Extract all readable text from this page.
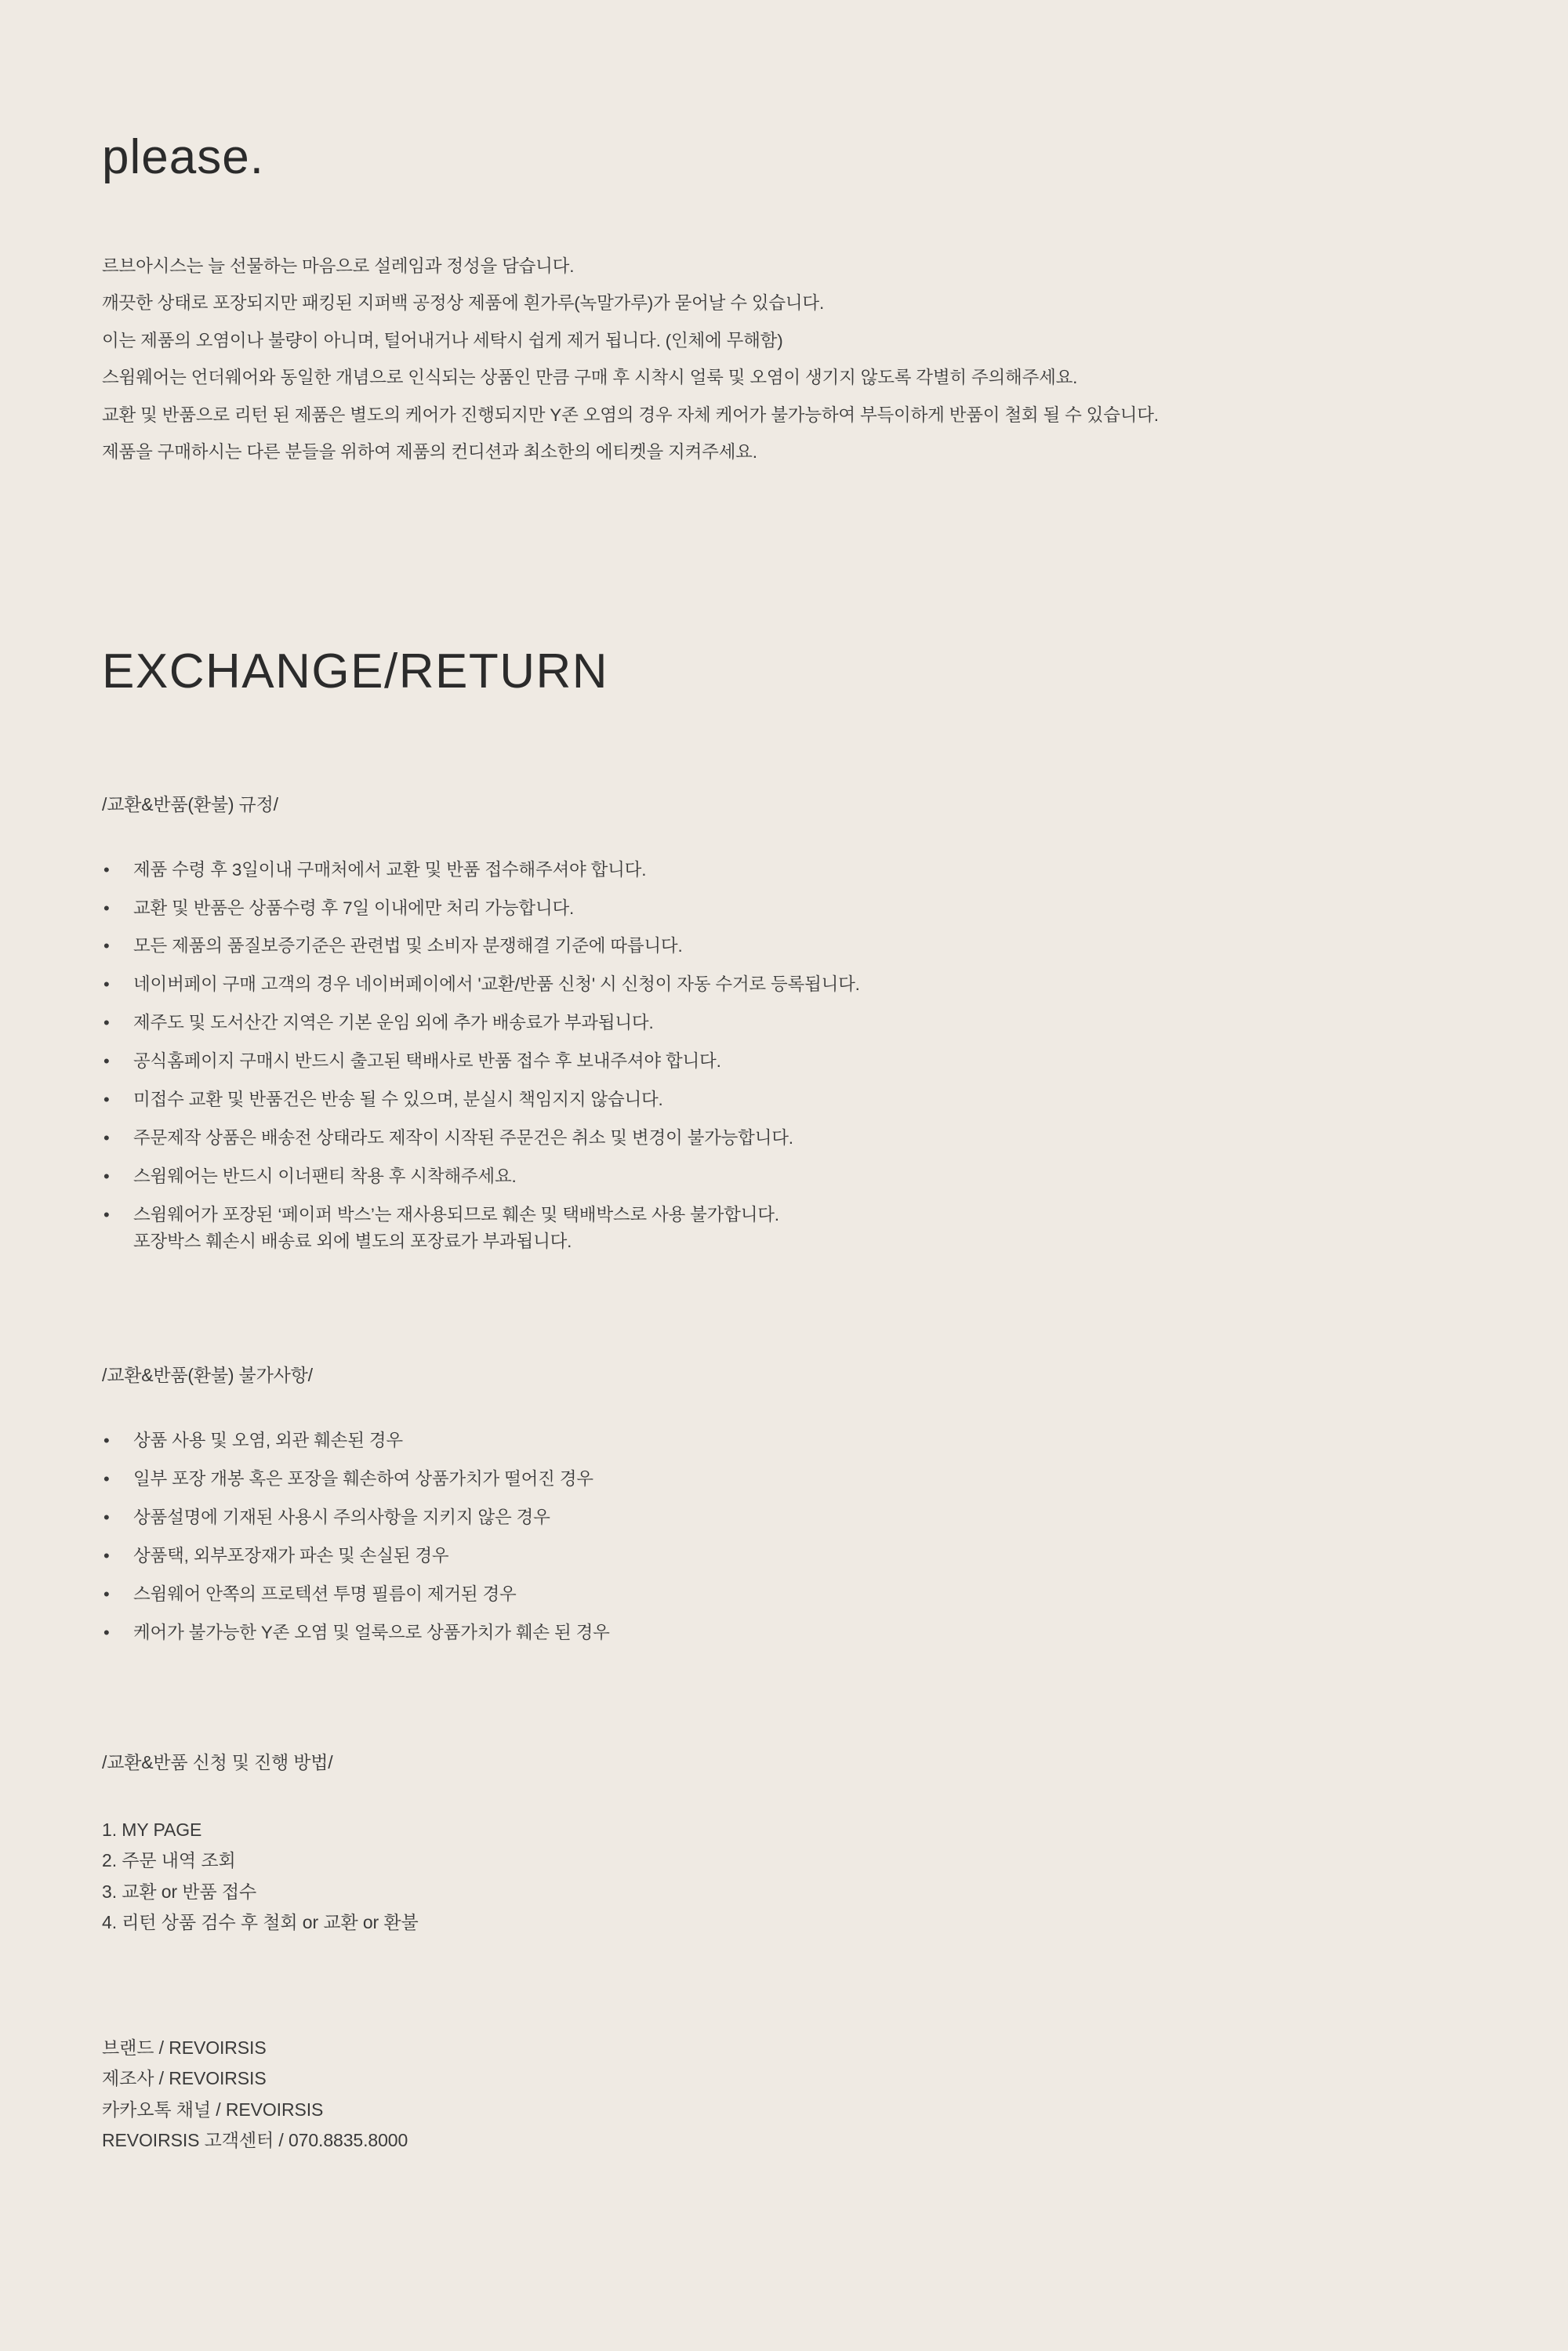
please.

르브아시스는 늘 선물하는 마음으로 설레임과 정성을 담습니다.

깨끗한 상태로 포장되지만 패킹된 지퍼백 공정상 제품에 흰가루(녹말가루)가 묻어날 수 있습니다.

이는 제품의 오염이나 불량이 아니며, 털어내거나 세탁시 쉽게 제거 됩니다. (인체에 무해함)

스윔웨어는 언더웨어와 동일한 개념으로 인식되는 상품인 만큼 구매 후 시착시 얼룩 및 오염이 생기지 않도록 각별히 주의해주세요.

교환 및 반품으로 리턴 된 제품은 별도의 케어가 진행되지만 Y존 오염의 경우 자체 케어가 불가능하여 부득이하게 반품이 철회 될 수 있습니다.

제품을 구매하시는 다른 분들을 위하여 제품의 컨디션과 최소한의 에티켓을 지켜주세요.

EXCHANGE/RETURN
/교환&반품(환불) 규정/
• 제품 수령 후 3일이내 구매처에서 교환 및 반품 접수해주셔야 합니다.
• 교환 및 반품은 상품수령 후 7일 이내에만 처리 가능합니다.
• 모든 제품의 품질보증기준은 관련법 및 소비자 분쟁해결 기준에 따릅니다.
• 네이버페이 구매 고객의 경우 네이버페이에서 '교환/반품 신청' 시 신청이 자동 수거로 등록됩니다.
• 제주도 및 도서산간 지역은 기본 운임 외에 추가 배송료가 부과됩니다.
• 공식홈페이지 구매시 반드시 출고된 택배사로 반품 접수 후 보내주셔야 합니다.
• 미접수 교환 및 반품건은 반송 될 수 있으며, 분실시 책임지지 않습니다.
• 주문제작 상품은 배송전 상태라도 제작이 시작된 주문건은 취소 및 변경이 불가능합니다.
• 스윔웨어는 반드시 이너팬티 착용 후 시착해주세요.
• 스윔웨어가 포장된 ‘페이퍼 박스’는 재사용되므로 훼손 및 택배박스로 사용 불가합니다.
포장박스 훼손시 배송료 외에 별도의 포장료가 부과됩니다.
/교환&반품(환불) 불가사항/
• 상품 사용 및 오염, 외관 훼손된 경우
• 일부 포장 개봉 혹은 포장을 훼손하여 상품가치가 떨어진 경우
• 상품설명에 기재된 사용시 주의사항을 지키지 않은 경우
• 상품택, 외부포장재가 파손 및 손실된 경우
• 스윔웨어 안쪽의 프로텍션 투명 필름이 제거된 경우
• 케어가 불가능한 Y존 오염 및 얼룩으로 상품가치가 훼손 된 경우
/교환&반품 신청 및 진행 방법/
1. MY PAGE
2. 주문 내역 조회
3. 교환 or 반품 접수
4. 리턴 상품 검수 후 철회 or 교환 or 환불
브랜드 / REVOIRSIS
제조사 / REVOIRSIS
카카오톡 채널 / REVOIRSIS
REVOIRSIS 고객센터 / 070.8835.8000
